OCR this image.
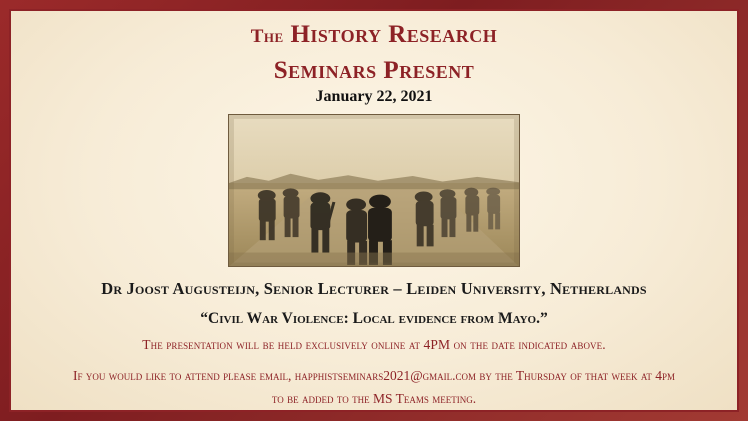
The History Research
Seminars Present
January 22, 2021
Dr Joost Augusteijn, Senior Lecturer – Leiden University, Netherlands
“Civil War Violence: Local evidence from Mayo.”
The presentation will be held exclusively online at 4PM on the date indicated above.
If you would like to attend please email, happhistseminars2021@gmail.com by the Thursday of that week at 4pm
to be added to the MS Teams meeting.
